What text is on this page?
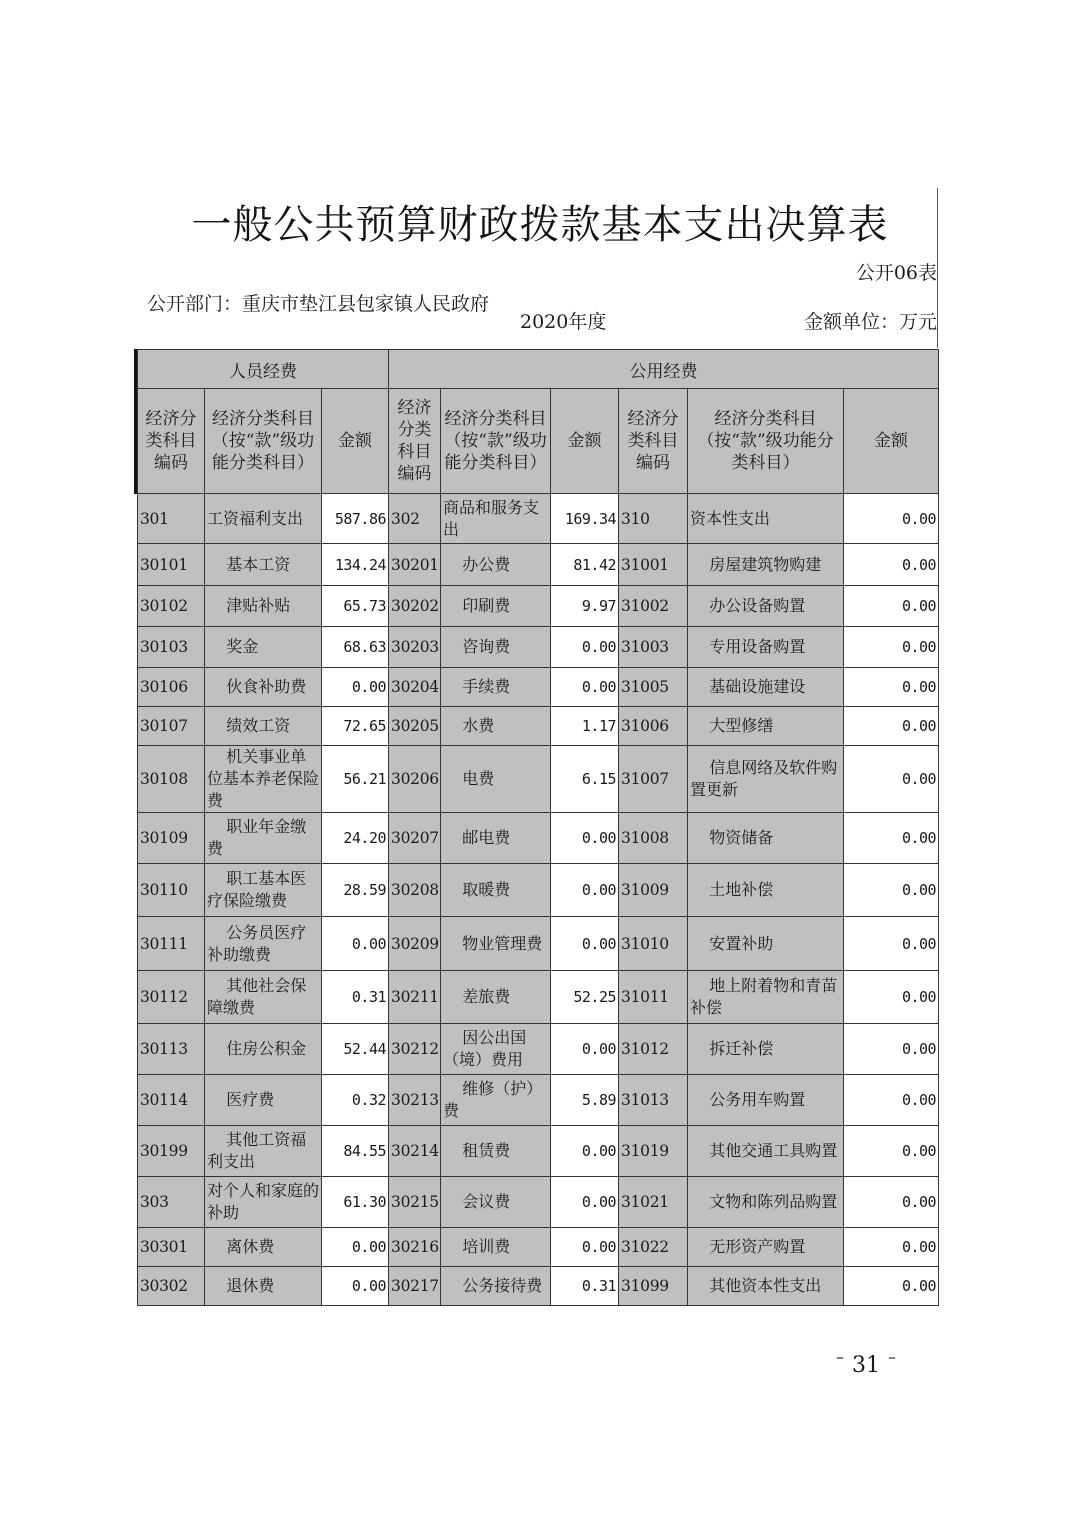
一般公共预算财政拨款基本支出决算表
公开06表
公开部门：重庆市垫江县包家镇人民政府
2020年度	金额单位：万元
人员经费			公用经费					
经济分类科目编码	经济分类科目（按“款”级功能分类科目）	金额	经济分类科目编码	经济分类科目（按“款”级功能分类科目）	金额	经济分类科目编码	经济分类科目（按“款”级功能分类科目）	金额
301	工资福利支出	587.86	302	商品和服务支出	169.34	310	资本性支出	0.00
30101	基本工资	134.24	30201	办公费	81.42	31001	房屋建筑物购建	0.00
30102	津贴补贴	65.73	30202	印刷费	9.97	31002	办公设备购置	0.00
30103	奖金	68.63	30203	咨询费	0.00	31003	专用设备购置	0.00
30106	伙食补助费	0.00	30204	手续费	0.00	31005	基础设施建设	0.00
30107	绩效工资	72.65	30205	水费	1.17	31006	大型修缮	0.00
30108	机关事业单位基本养老保险费	56.21	30206	电费	6.15	31007	信息网络及软件购置更新	0.00
30109	职业年金缴费	24.20	30207	邮电费	0.00	31008	物资储备	0.00
30110	职工基本医疗保险缴费	28.59	30208	取暖费	0.00	31009	土地补偿	0.00
30111	公务员医疗补助缴费	0.00	30209	物业管理费	0.00	31010	安置补助	0.00
30112	其他社会保障缴费	0.31	30211	差旅费	52.25	31011	地上附着物和青苗补偿	0.00
30113	住房公积金	52.44	30212	因公出国（境）费用	0.00	31012	拆迁补偿	0.00
30114	医疗费	0.32	30213	维修（护）费	5.89	31013	公务用车购置	0.00
30199	其他工资福利支出	84.55	30214	租赁费	0.00	31019	其他交通工具购置	0.00
303	对个人和家庭的补助	61.30	30215	会议费	0.00	31021	文物和陈列品购置	0.00
30301	离休费	0.00	30216	培训费	0.00	31022	无形资产购置	0.00
30302	退休费	0.00	30217	公务接待费	0.31	31099	其他资本性支出	0.00
– 31 –
